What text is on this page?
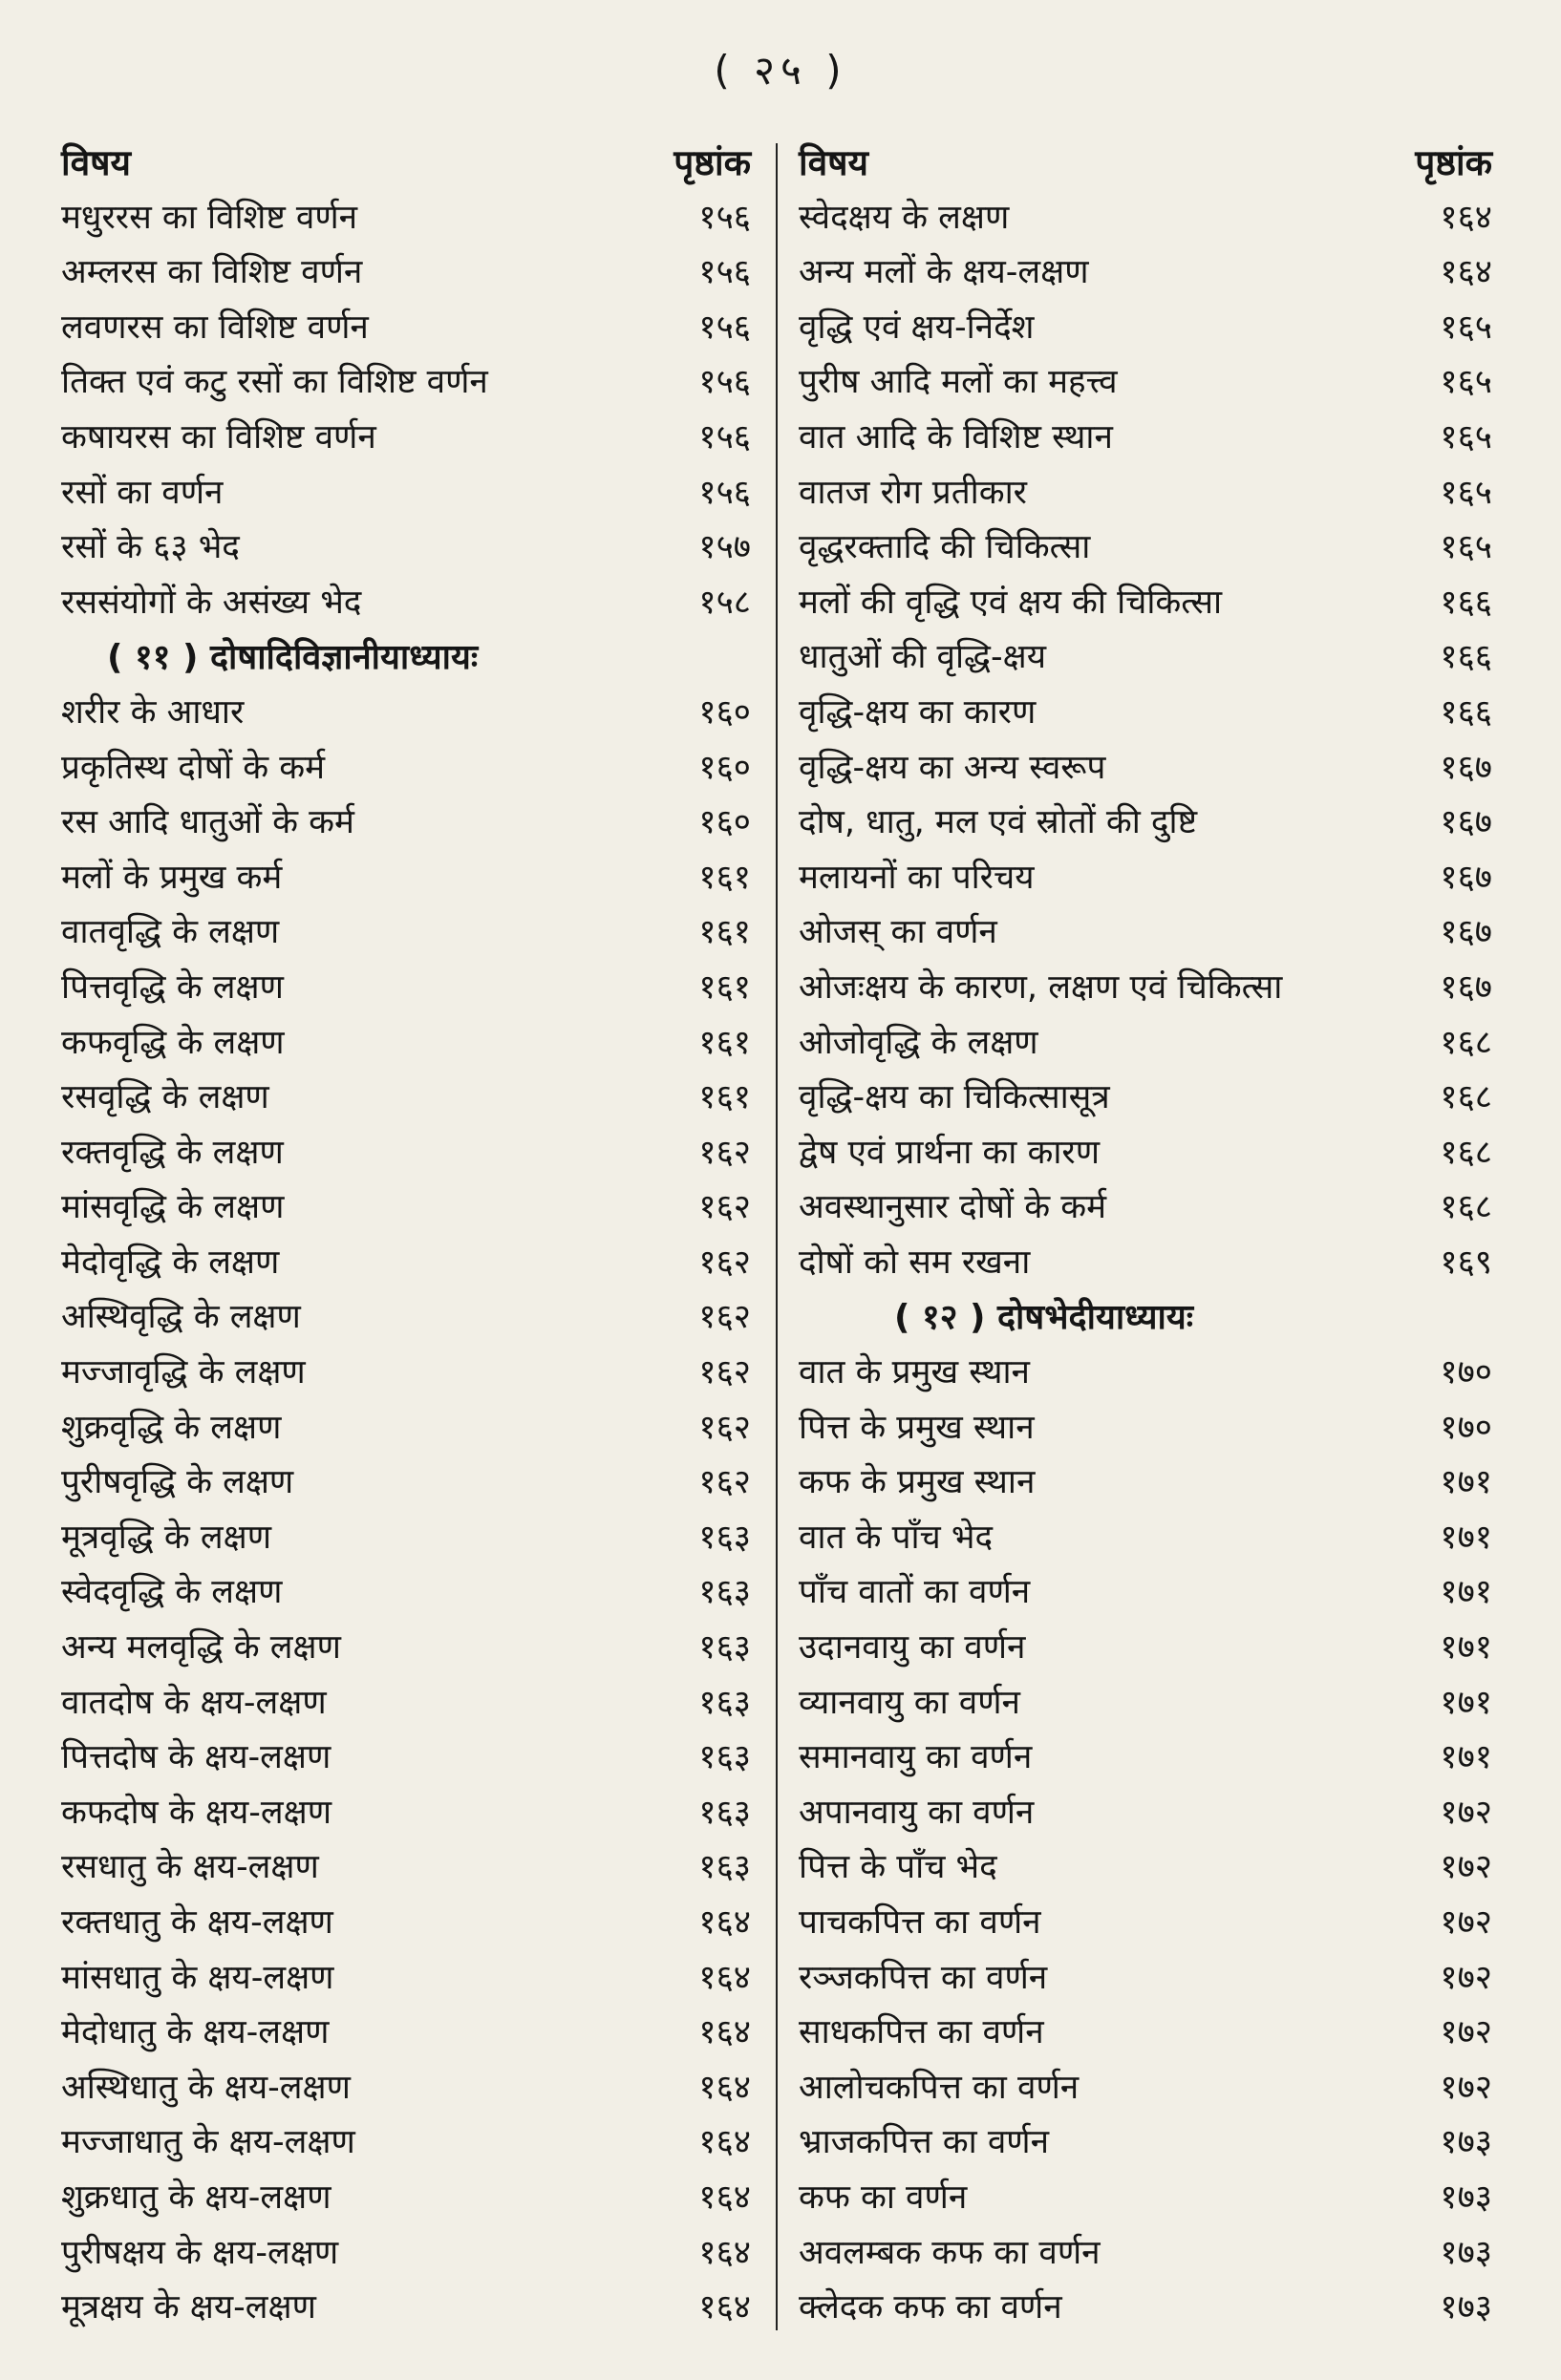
( २५ )
विषय	पृष्ठांक
मधुररस का विशिष्ट वर्णन	१५६
अम्लरस का विशिष्ट वर्णन	१५६
लवणरस का विशिष्ट वर्णन	१५६
तिक्त एवं कटु रसों का विशिष्ट वर्णन	१५६
कषायरस का विशिष्ट वर्णन	१५६
रसों का वर्णन	१५६
रसों के ६३ भेद	१५७
रससंयोगों के असंख्य भेद	१५८
( ११ ) दोषादिविज्ञानीयाध्यायः
शरीर के आधार	१६०
प्रकृतिस्थ दोषों के कर्म	१६०
रस आदि धातुओं के कर्म	१६०
मलों के प्रमुख कर्म	१६१
वातवृद्धि के लक्षण	१६१
पित्तवृद्धि के लक्षण	१६१
कफवृद्धि के लक्षण	१६१
रसवृद्धि के लक्षण	१६१
रक्तवृद्धि के लक्षण	१६२
मांसवृद्धि के लक्षण	१६२
मेदोवृद्धि के लक्षण	१६२
अस्थिवृद्धि के लक्षण	१६२
मज्जावृद्धि के लक्षण	१६२
शुक्रवृद्धि के लक्षण	१६२
पुरीषवृद्धि के लक्षण	१६२
मूत्रवृद्धि के लक्षण	१६३
स्वेदवृद्धि के लक्षण	१६३
अन्य मलवृद्धि के लक्षण	१६३
वातदोष के क्षय-लक्षण	१६३
पित्तदोष के क्षय-लक्षण	१६३
कफदोष के क्षय-लक्षण	१६३
रसधातु के क्षय-लक्षण	१६३
रक्तधातु के क्षय-लक्षण	१६४
मांसधातु के क्षय-लक्षण	१६४
मेदोधातु के क्षय-लक्षण	१६४
अस्थिधातु के क्षय-लक्षण	१६४
मज्जाधातु के क्षय-लक्षण	१६४
शुक्रधातु के क्षय-लक्षण	१६४
पुरीषक्षय के क्षय-लक्षण	१६४
मूत्रक्षय के क्षय-लक्षण	१६४
विषय	पृष्ठांक
स्वेदक्षय के लक्षण	१६४
अन्य मलों के क्षय-लक्षण	१६४
वृद्धि एवं क्षय-निर्देश	१६५
पुरीष आदि मलों का महत्त्व	१६५
वात आदि के विशिष्ट स्थान	१६५
वातज रोग प्रतीकार	१६५
वृद्धरक्तादि की चिकित्सा	१६५
मलों की वृद्धि एवं क्षय की चिकित्सा	१६६
धातुओं की वृद्धि-क्षय	१६६
वृद्धि-क्षय का कारण	१६६
वृद्धि-क्षय का अन्य स्वरूप	१६७
दोष, धातु, मल एवं स्रोतों की दुष्टि	१६७
मलायनों का परिचय	१६७
ओजस् का वर्णन	१६७
ओजःक्षय के कारण, लक्षण एवं चिकित्सा	१६७
ओजोवृद्धि के लक्षण	१६८
वृद्धि-क्षय का चिकित्सासूत्र	१६८
द्वेष एवं प्रार्थना का कारण	१६८
अवस्थानुसार दोषों के कर्म	१६८
दोषों को सम रखना	१६९
( १२ ) दोषभेदीयाध्यायः
वात के प्रमुख स्थान	१७०
पित्त के प्रमुख स्थान	१७०
कफ के प्रमुख स्थान	१७१
वात के पाँच भेद	१७१
पाँच वातों का वर्णन	१७१
उदानवायु का वर्णन	१७१
व्यानवायु का वर्णन	१७१
समानवायु का वर्णन	१७१
अपानवायु का वर्णन	१७२
पित्त के पाँच भेद	१७२
पाचकपित्त का वर्णन	१७२
रञ्जकपित्त का वर्णन	१७२
साधकपित्त का वर्णन	१७२
आलोचकपित्त का वर्णन	१७२
भ्राजकपित्त का वर्णन	१७३
कफ का वर्णन	१७३
अवलम्बक कफ का वर्णन	१७३
क्लेदक कफ का वर्णन	१७३
